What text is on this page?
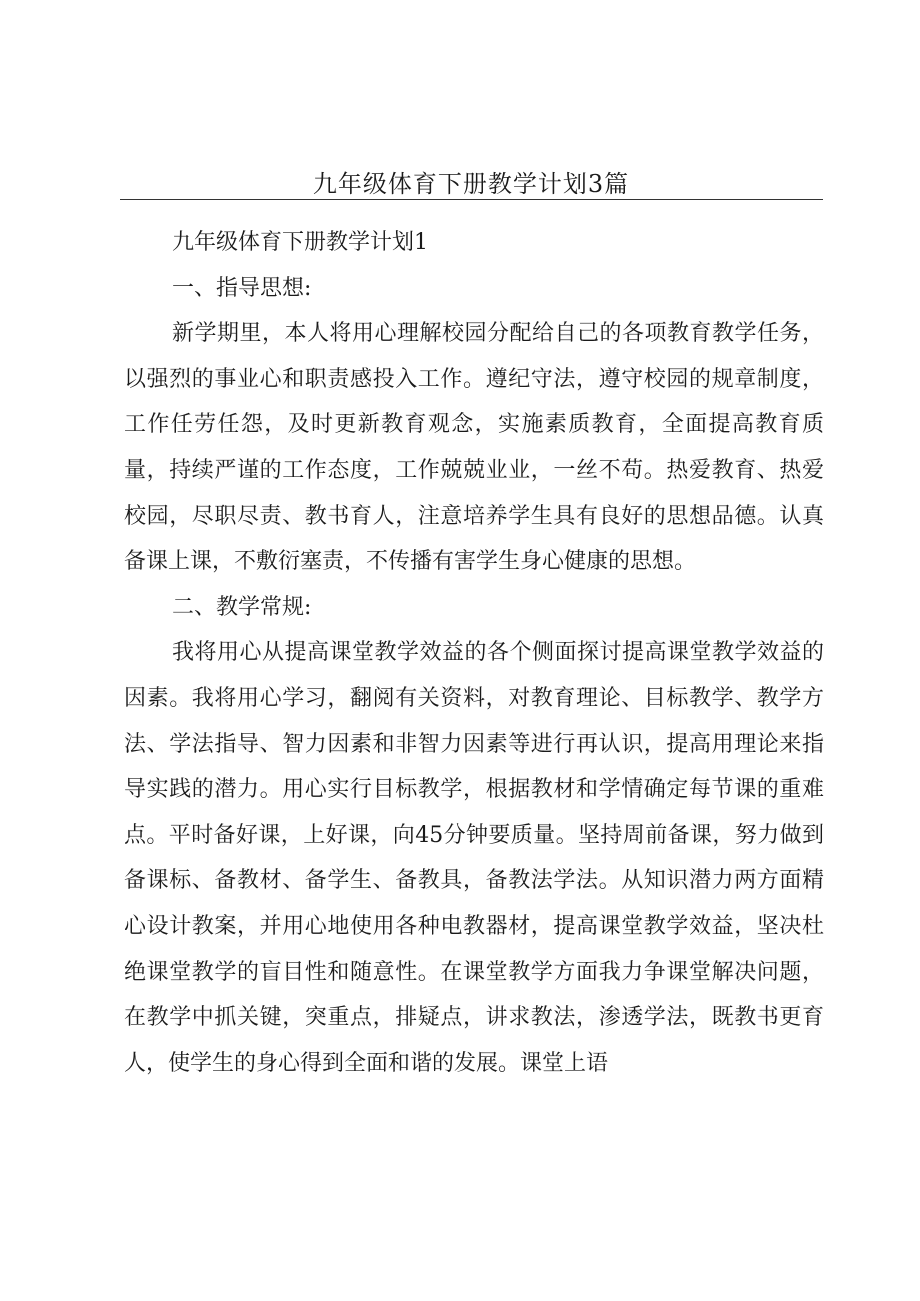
九年级体育下册教学计划3篇

九年级体育下册教学计划1

一、指导思想:

新学期里，本人将用心理解校园分配给自己的各项教育教学任务，以强烈的事业心和职责感投入工作。遵纪守法，遵守校园的规章制度，工作任劳任怨，及时更新教育观念，实施素质教育，全面提高教育质量，持续严谨的工作态度，工作兢兢业业，一丝不苟。热爱教育、热爱校园，尽职尽责、教书育人，注意培养学生具有良好的思想品德。认真备课上课，不敷衍塞责，不传播有害学生身心健康的思想。

二、教学常规:

我将用心从提高课堂教学效益的各个侧面探讨提高课堂教学效益的因素。我将用心学习，翻阅有关资料，对教育理论、目标教学、教学方法、学法指导、智力因素和非智力因素等进行再认识，提高用理论来指导实践的潜力。用心实行目标教学，根据教材和学情确定每节课的重难点。平时备好课，上好课，向45分钟要质量。坚持周前备课，努力做到备课标、备教材、备学生、备教具，备教法学法。从知识潜力两方面精心设计教案，并用心地使用各种电教器材，提高课堂教学效益，坚决杜绝课堂教学的盲目性和随意性。在课堂教学方面我力争课堂解决问题，在教学中抓关键，突重点，排疑点，讲求教法，渗透学法，既教书更育人，使学生的身心得到全面和谐的发展。课堂上语
